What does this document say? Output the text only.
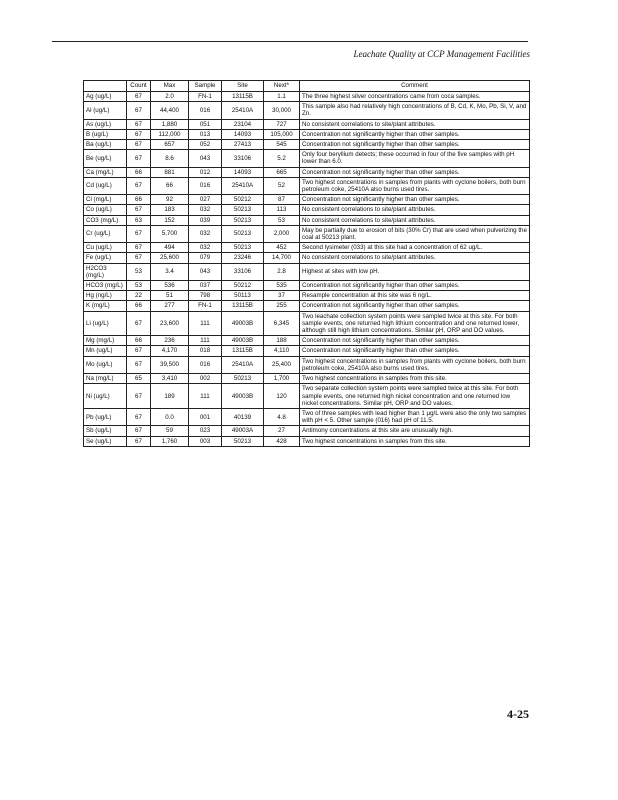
Leachate Quality at CCP Management Facilities
	Count	Max	Sample	Site	Next*	Comment
Ag (ug/L)	67	2.0	FN-1	13115B	1.1	The three highest silver concentrations came from coca samples.
Al (ug/L)	67	44,400	016	25410A	30,000	This sample also had relatively high concentrations of B, Cd, K, Mo, Pb, Si, V, and Zn.
As (ug/L)	67	1,880	051	23104	727	No consistent correlations to site/plant attributes.
B (ug/L)	67	112,000	013	14093	105,000	Concentration not significantly higher than other samples.
Ba (ug/L)	67	657	052	27413	545	Concentration not significantly higher than other samples.
Be (ug/L)	67	8.6	043	33106	5.2	Only four beryllium detects; these occurred in four of the five samples with pH lower than 6.0.
Ca (mg/L)	66	881	012	14093	665	Concentration not significantly higher than other samples.
Cd (ug/L)	67	66	016	25410A	52	Two highest concentrations in samples from plants with cyclone boilers, both burn petroleum coke, 25410A also burns used tires.
Cl (mg/L)	66	92	027	50212	87	Concentration not significantly higher than other samples.
Co (ug/L)	67	183	032	50213	113	No consistent correlations to site/plant attributes.
CO3 (mg/L)	63	152	039	50213	53	No consistent correlations to site/plant attributes.
Cr (ug/L)	67	5,700	032	50213	2,000	May be partially due to erosion of bits (30% Cr) that are used when pulverizing the coal at 50213 plant.
Cu (ug/L)	67	494	032	50213	452	Second lysimeter (033) at this site had a concentration of 62 ug/L.
Fe (ug/L)	67	25,600	079	23246	14,700	No consistent correlations to site/plant attributes.
H2CO3 (mg/L)	53	3.4	043	33106	2.8	Highest at sites with low pH.
HCO3 (mg/L)	53	536	037	50212	535	Concentration not significantly higher than other samples.
Hg (ng/L)	22	51	798	50113	37	Resample concentration at this site was 6 ng/L.
K (mg/L)	66	277	FN-1	13115B	255	Concentration not significantly higher than other samples.
Li (ug/L)	67	23,600	111	49003B	6,345	Two leachate collection system points were sampled twice at this site. For both sample events, one returned high lithium concentration and one returned lower, although still high lithium concentrations. Similar pH, ORP and DO values.
Mg (mg/L)	66	236	111	49003B	188	Concentration not significantly higher than other samples.
Mn (ug/L)	67	4,170	018	13115B	4,110	Concentration not significantly higher than other samples.
Mo (ug/L)	67	39,500	016	25410A	25,400	Two highest concentrations in samples from plants with cyclone boilers, both burn petroleum coke, 25410A also burns used tires.
Na (mg/L)	65	3,410	002	50213	1,700	Two highest concentrations in samples from this site.
Ni (ug/L)	67	189	111	49003B	120	Two separate collection system points were sampled twice at this site. For both sample events, one returned high nickel concentration and one returned low nickel concentrations. Similar pH, ORP and DO values.
Pb (ug/L)	67	0.0	001	40139	4.8	Two of three samples with lead higher than 1 µg/L were also the only two samples with pH < 5. Other sample (016) had pH of 11.5.
Sb (ug/L)	67	59	023	49003A	27	Antimony concentrations at this site are unusually high.
Se (ug/L)	67	1,760	003	50213	428	Two highest concentrations in samples from this site.
4-25
